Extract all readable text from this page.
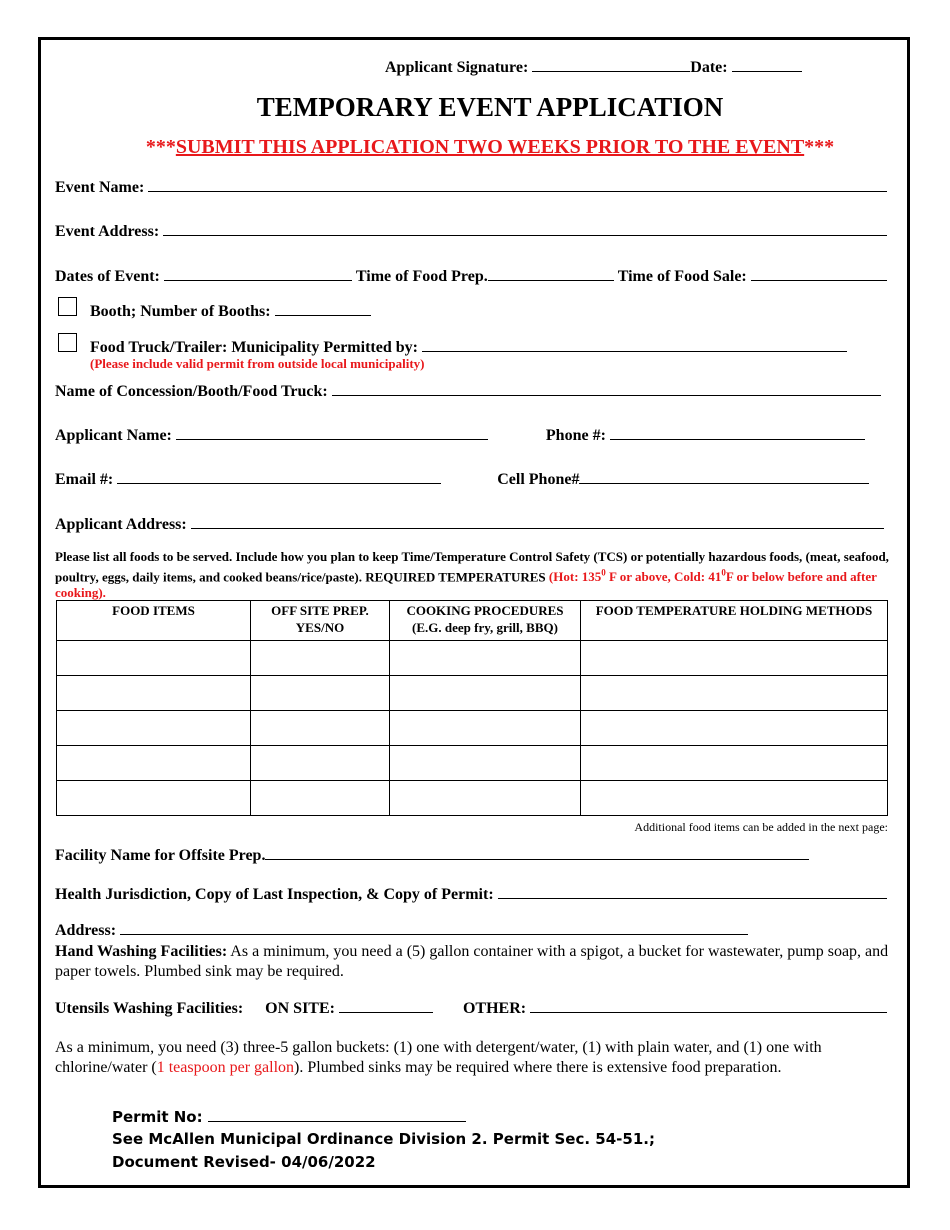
Applicant Signature:	Date:
TEMPORARY EVENT APPLICATION
***SUBMIT THIS APPLICATION TWO WEEKS PRIOR TO THE EVENT***
Event Name:
Event Address:
Dates of Event:	Time of Food Prep.	Time of Food Sale:
Booth; Number of Booths:
Food Truck/Trailer: Municipality Permitted by:
(Please include valid permit from outside local municipality)
Name of Concession/Booth/Food Truck:
Applicant Name:	Phone #:
Email #:	Cell Phone#
Applicant Address:
Please list all foods to be served. Include how you plan to keep Time/Temperature Control Safety (TCS) or potentially hazardous foods, (meat, seafood, poultry, eggs, daily items, and cooked beans/rice/paste). REQUIRED TEMPERATURES (Hot: $135^0$ F or above, Cold: $41^0F$ or below before and after cooking).
FOOD ITEMS	OFF SITE PREP. YES/NO	COOKING PROCEDURES (E.G. deep fry, grill, BBQ)	FOOD TEMPERATURE HOLDING METHODS

Additional food items can be added in the next page:
Facility Name for Offsite Prep.
Health Jurisdiction, Copy of Last Inspection, & Copy of Permit:
Address:
Hand Washing Facilities: As a minimum, you need a (5) gallon container with a spigot, a bucket for wastewater, pump soap, and paper towels. Plumbed sink may be required.
Utensils Washing Facilities: ON SITE:	OTHER:
As a minimum, you need (3) three-5 gallon buckets: (1) one with detergent/water, (1) with plain water, and (1) one with chlorine/water (1 teaspoon per gallon). Plumbed sinks may be required where there is extensive food preparation.
Permit No:
See McAllen Municipal Ordinance Division 2. Permit Sec. 54-51.;
Document Revised- 04/06/2022
